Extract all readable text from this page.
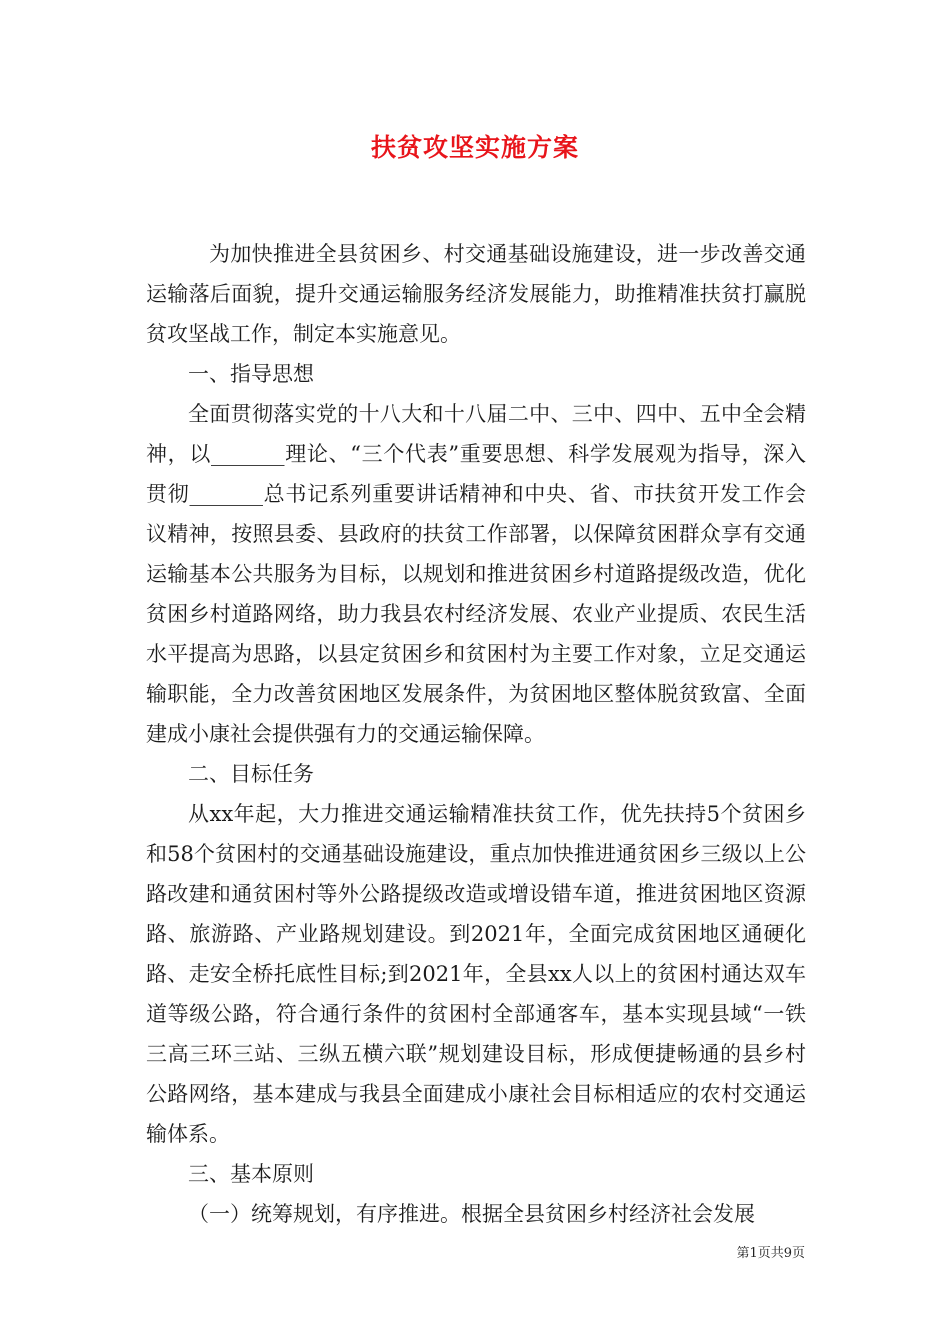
扶贫攻坚实施方案

为加快推进全县贫困乡、村交通基础设施建设，进一步改善交通运输落后面貌，提升交通运输服务经济发展能力，助推精准扶贫打赢脱贫攻坚战工作，制定本实施意见。

一、指导思想

全面贯彻落实党的十八大和十八届二中、三中、四中、五中全会精神，以_______理论、“三个代表”重要思想、科学发展观为指导，深入贯彻_______总书记系列重要讲话精神和中央、省、市扶贫开发工作会议精神，按照县委、县政府的扶贫工作部署，以保障贫困群众享有交通运输基本公共服务为目标，以规划和推进贫困乡村道路提级改造，优化贫困乡村道路网络，助力我县农村经济发展、农业产业提质、农民生活水平提高为思路，以县定贫困乡和贫困村为主要工作对象，立足交通运输职能，全力改善贫困地区发展条件，为贫困地区整体脱贫致富、全面建成小康社会提供强有力的交通运输保障。

二、目标任务

从xx年起，大力推进交通运输精准扶贫工作，优先扶持5个贫困乡和58个贫困村的交通基础设施建设，重点加快推进通贫困乡三级以上公路改建和通贫困村等外公路提级改造或增设错车道，推进贫困地区资源路、旅游路、产业路规划建设。到2021年，全面完成贫困地区通硬化路、走安全桥托底性目标;到2021年，全县xx人以上的贫困村通达双车道等级公路，符合通行条件的贫困村全部通客车，基本实现县域“一铁三高三环三站、三纵五横六联”规划建设目标，形成便捷畅通的县乡村公路网络，基本建成与我县全面建成小康社会目标相适应的农村交通运输体系。

三、基本原则

（一）统筹规划，有序推进。根据全县贫困乡村经济社会发展

第1页共9页
